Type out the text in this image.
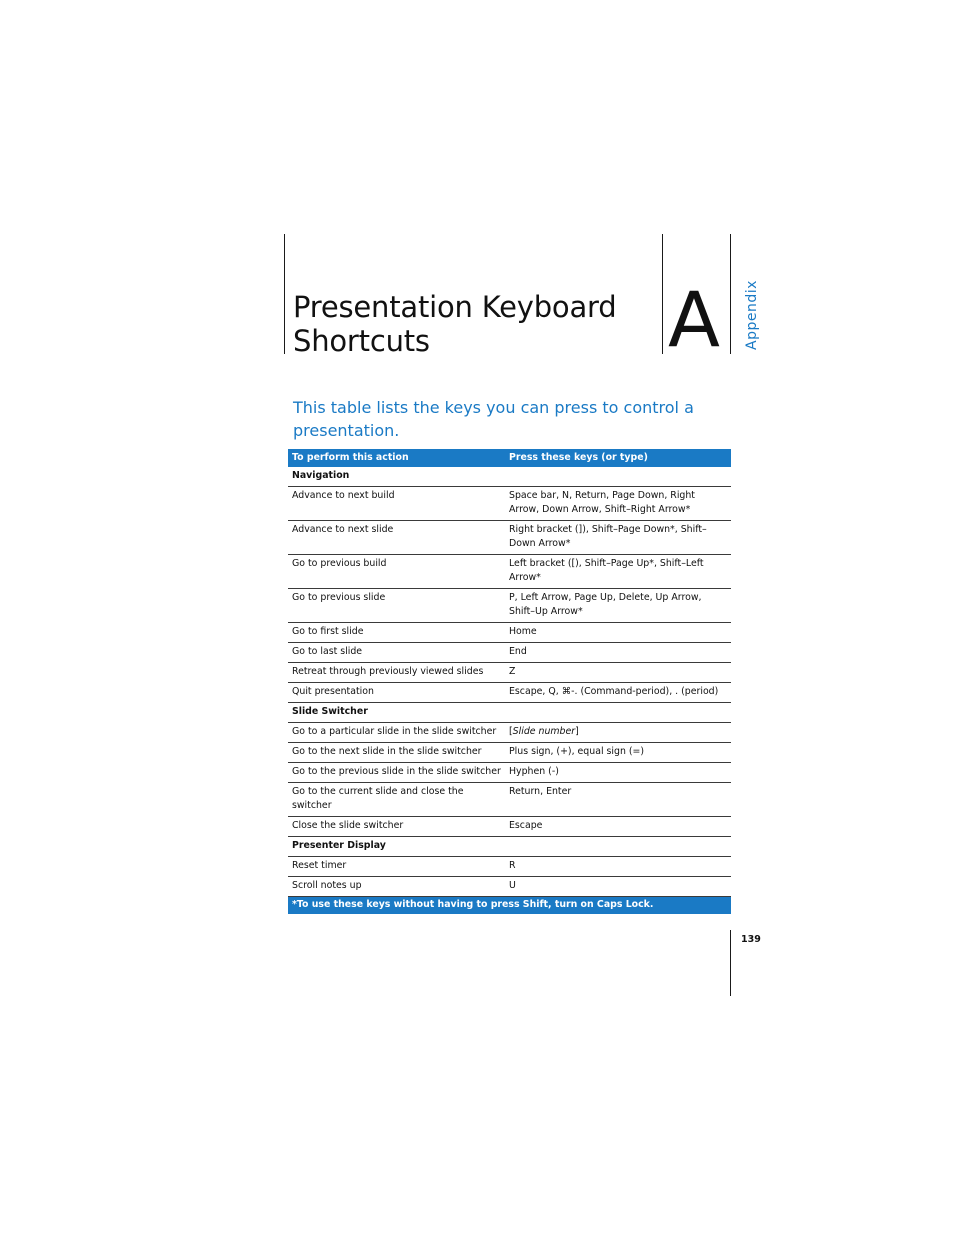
Presentation Keyboard
Shortcuts	A Appendix

This table lists the keys you can press to control a presentation.

To perform this action	Press these keys (or type)
Navigation	
Advance to next build	Space bar, N, Return, Page Down, Right Arrow, Down Arrow, Shift–Right Arrow*
Advance to next slide	Right bracket (]), Shift–Page Down*, Shift–Down Arrow*
Go to previous build	Left bracket ([), Shift–Page Up*, Shift–Left Arrow*
Go to previous slide	P, Left Arrow, Page Up, Delete, Up Arrow, Shift–Up Arrow*
Go to first slide	Home
Go to last slide	End
Retreat through previously viewed slides	Z
Quit presentation	Escape, Q, ⌘-. (Command-period), . (period)
Slide Switcher	
Go to a particular slide in the slide switcher	[Slide number]
Go to the next slide in the slide switcher	Plus sign, (+), equal sign (=)
Go to the previous slide in the slide switcher	Hyphen (-)
Go to the current slide and close the switcher	Return, Enter
Close the slide switcher	Escape
Presenter Display	
Reset timer	R
Scroll notes up	U
*To use these keys without having to press Shift, turn on Caps Lock.	
139
